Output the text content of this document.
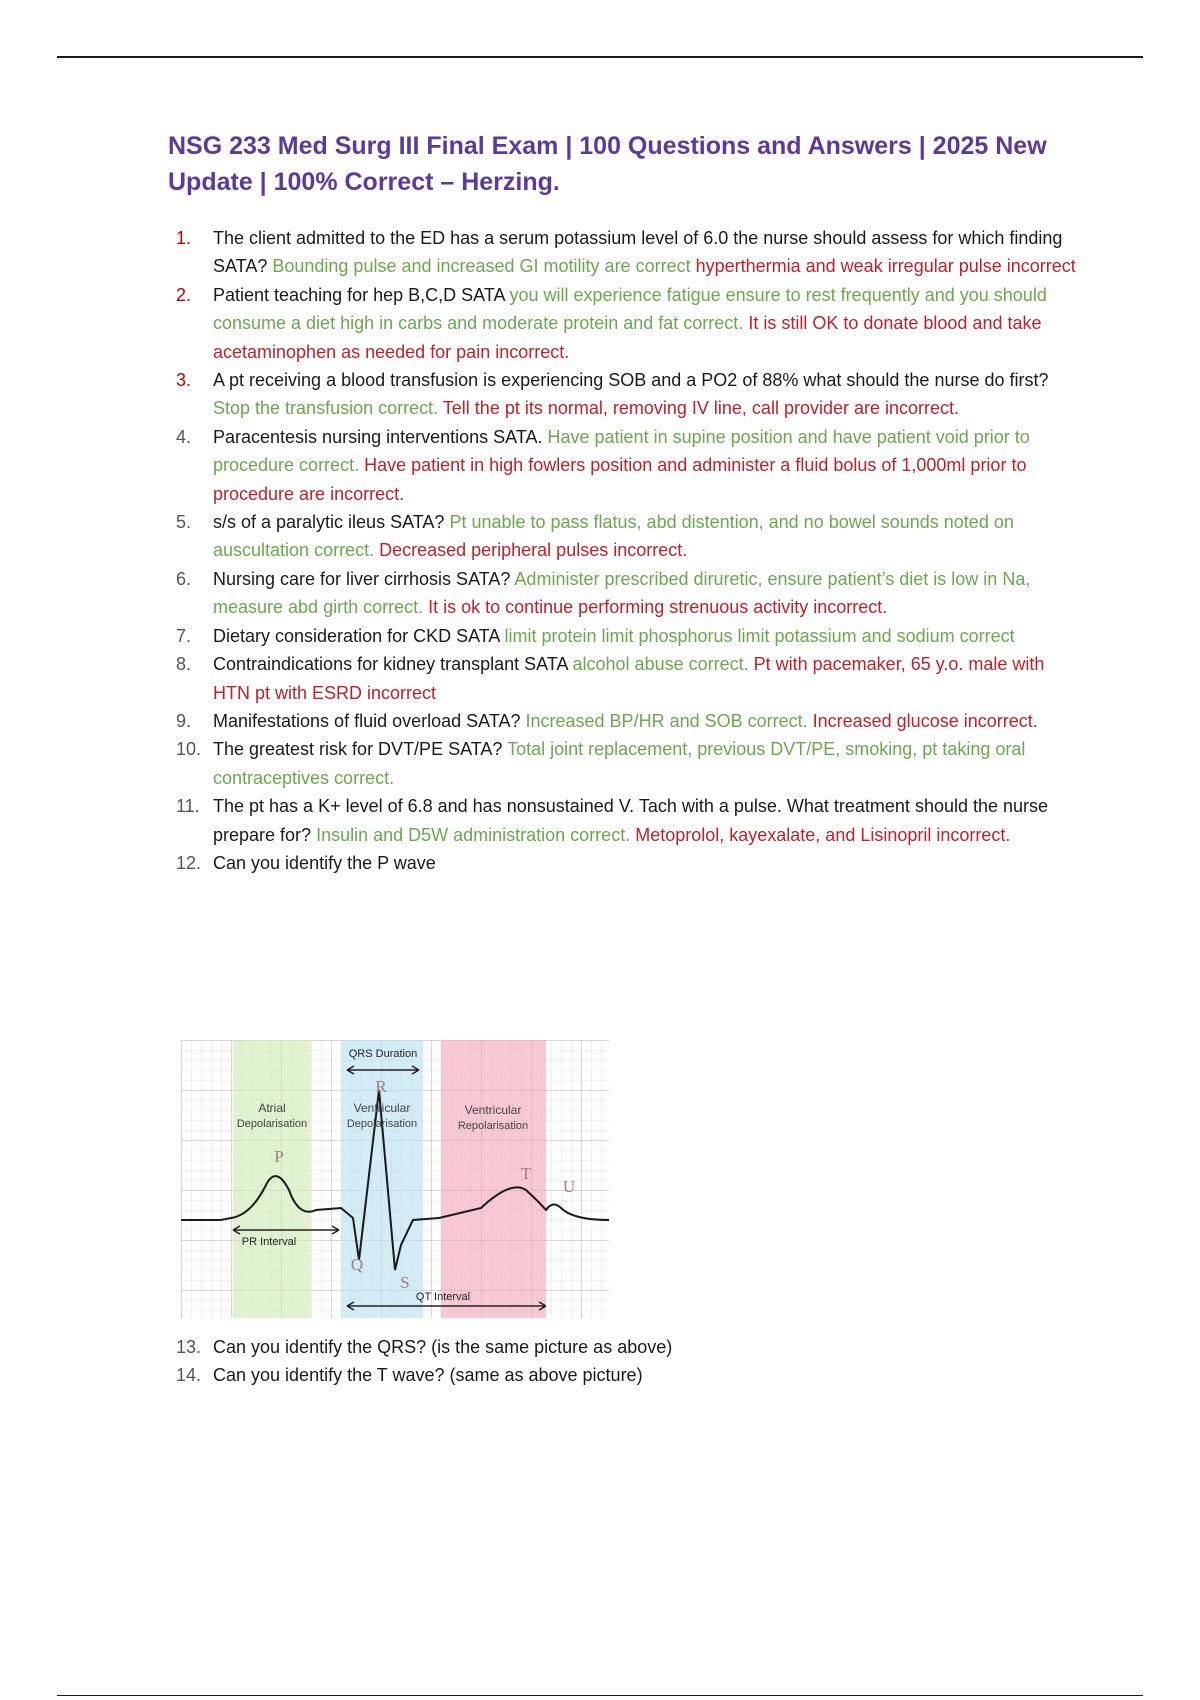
NSG 233 Med Surg III Final Exam | 100 Questions and Answers | 2025 New Update | 100% Correct – Herzing.
1.	The client admitted to the ED has a serum potassium level of 6.0 the nurse should assess for which finding SATA? Bounding pulse and increased GI motility are correct hyperthermia and weak irregular pulse incorrect
2.	Patient teaching for hep B,C,D SATA you will experience fatigue ensure to rest frequently and you should consume a diet high in carbs and moderate protein and fat correct. It is still OK to donate blood and take acetaminophen as needed for pain incorrect.
3.	A pt receiving a blood transfusion is experiencing SOB and a PO2 of 88% what should the nurse do first? Stop the transfusion correct. Tell the pt its normal, removing IV line, call provider are incorrect.
4.	Paracentesis nursing interventions SATA. Have patient in supine position and have patient void prior to procedure correct. Have patient in high fowlers position and administer a fluid bolus of 1,000ml prior to procedure are incorrect.
5.	s/s of a paralytic ileus SATA? Pt unable to pass flatus, abd distention, and no bowel sounds noted on auscultation correct. Decreased peripheral pulses incorrect.
6.	Nursing care for liver cirrhosis SATA? Administer prescribed diruretic, ensure patient’s diet is low in Na, measure abd girth correct. It is ok to continue performing strenuous activity incorrect.
7.	Dietary consideration for CKD SATA limit protein limit phosphorus limit potassium and sodium correct
8.	Contraindications for kidney transplant SATA alcohol abuse correct. Pt with pacemaker, 65 y.o. male with HTN pt with ESRD incorrect
9.	Manifestations of fluid overload SATA? Increased BP/HR and SOB correct. Increased glucose incorrect.
10. The greatest risk for DVT/PE SATA? Total joint replacement, previous DVT/PE, smoking, pt taking oral contraceptives correct.
11. The pt has a K+ level of 6.8 and has nonsustained V. Tach with a pulse. What treatment should the nurse prepare for? Insulin and D5W administration correct. Metoprolol, kayexalate, and Lisinopril incorrect.
12. Can you identify the P wave
QRS Duration
R
Atrial
Depolarisation
Ventricular
Depolarisation
Ventricular
Repolarisation
P
T
U
PR Interval
Q
S
QT Interval
13. Can you identify the QRS? (is the same picture as above)
14. Can you identify the T wave? (same as above picture)
